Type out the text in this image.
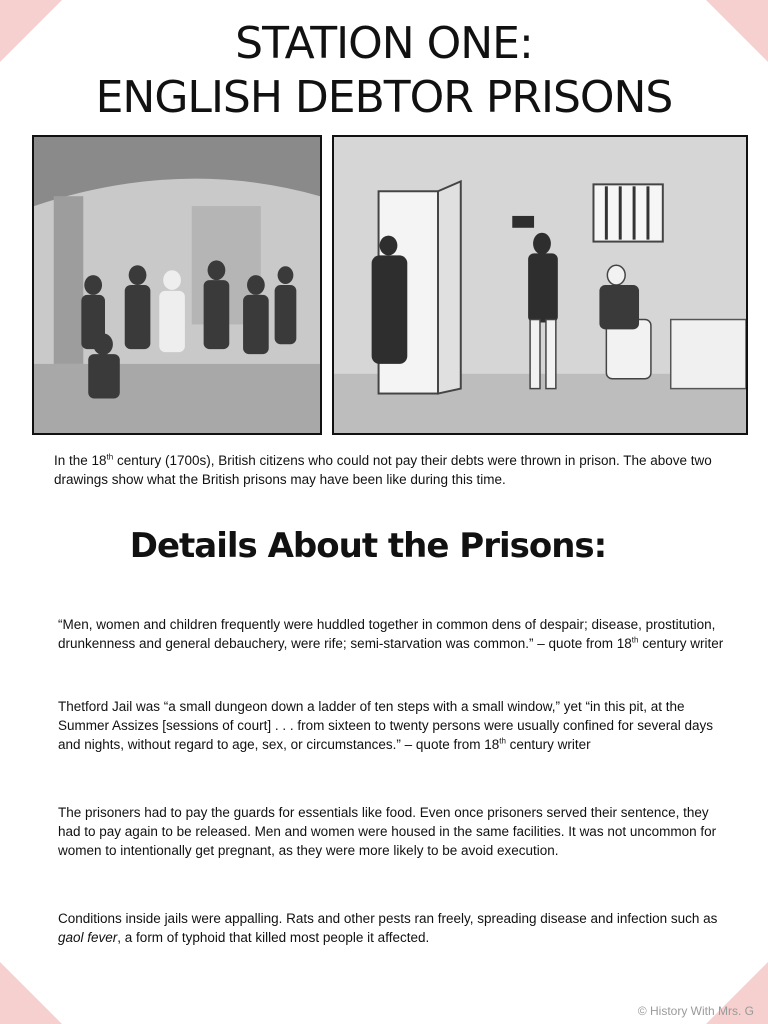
STATION ONE:
ENGLISH DEBTOR PRISONS

In the 18th century (1700s), British citizens who could not pay their debts were thrown in prison. The above two drawings show what the British prisons may have been like during this time.

Details About the Prisons:

“Men, women and children frequently were huddled together in common dens of despair; disease, prostitution, drunkenness and general debauchery, were rife; semi-starvation was common.” – quote from 18th century writer

Thetford Jail was “a small dungeon down a ladder of ten steps with a small window,” yet “in this pit, at the Summer Assizes [sessions of court] . . . from sixteen to twenty persons were usually confined for several days and nights, without regard to age, sex, or circumstances.” – quote from 18th century writer

The prisoners had to pay the guards for essentials like food. Even once prisoners served their sentence, they had to pay again to be released. Men and women were housed in the same facilities. It was not uncommon for women to intentionally get pregnant, as they were more likely to be avoid execution.

Conditions inside jails were appalling. Rats and other pests ran freely, spreading disease and infection such as gaol fever, a form of typhoid that killed most people it affected.

© History With Mrs. G
